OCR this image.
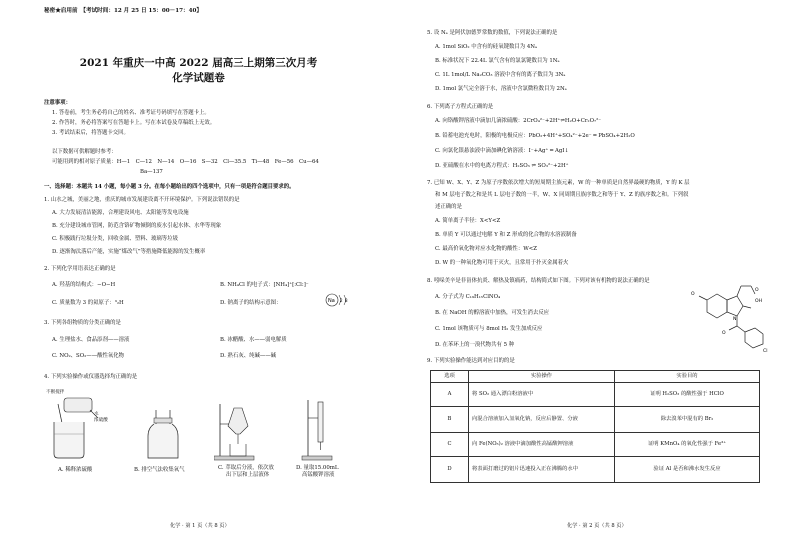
秘密★启用前　 【考试时间：12 月 25 日 15：00－17：40】
2021 年重庆一中高 2022 届高三上期第三次月考
化学试题卷
注意事项：
1. 答卷前，考生务必将自己的姓名、准考证号码填写在答题卡上。
2. 作答时，务必将答案写在答题卡上。写在本试卷及草稿纸上无效。
3. 考试结束后，将答题卡交回。
以下数据可供解题时参考：
可能用到的相对原子质量：H—1　C—12　N—14　O—16　S—32　Cl—35.5　Ti—48　Fe—56　Cu—64
Ba—137
一、选择题：本题共 14 小题，每小题 3 分。在每小题给出的四个选项中，只有一项是符合题目要求的。
1. 山水之城，美丽之地，重庆的城市发展建设离不开环境保护。下列说法错误的是
A. 大力发展清洁能源，合理建设风电、太阳能等发电设施
B. 充分建设城市管网，防范含铬矿物倾倒的废水引起水体、水华等现象
C. 积极践行垃圾分类，回收金属、塑料、玻璃等垃圾
D. 逐渐淘汰落后产能，实施“煤改气”等措施降低能源的发生概率
2. 下列化学用语表达正确的是
A. 羟基的结构式：−O−H	B. NH₄Cl 的电子式：[NH₄]⁺[:Cl:]⁻
C. 质量数为 3 的氦原子：³₂H	D. 钠离子的结构示意图：	Na 2 8
3. 下列各组物质的分类正确的是
A. 生理盐水、食品添剂——溶液	B. 冰醋酸、水——弱电解质
C. NO₂、SO₂——酸性氧化物	D. 熟石灰、纯碱——碱
4. 下列实验操作或仪器选择均正确的是
不断搅拌
水
浓硫酸
A. 稀释浓硫酸	B. 排空气法收集氧气	C. 萃取后分液，依次放
出下层和上层液体
D. 量取15.00mL
高锰酸钾溶液
化学 · 第 1 页（共 8 页）
5. 设 Nₐ 是阿伏加德罗常数的数值，下列说法正确的是
A. 1mol SiO₂ 中含有的硅氧键数目为 4Nₐ
B. 标准状况下 22.4L 氯气含有的氯氯键数目为 1Nₐ
C. 1L 1mol/L Na₂CO₃ 溶液中含有的离子数目为 3Nₐ
D. 1mol 氯气完全溶于水，溶液中含氯微粒数目为 2Nₐ
6. 下列离子方程式正确的是
A. 向铬酸钾溶液中滴加几滴浓硫酸：2CrO₄²⁻+2H⁺⇌H₂O+Cr₂O₇²⁻
B. 铅蓄电池充电时，阳极的电极反应：PbO₂+4H⁺+SO₄²⁻+2e⁻ ═ PbSO₄+2H₂O
C. 向氯化银悬浊液中滴加碘化钠溶液：I⁻+Ag⁺ ═ AgI↓
D. 亚硫酸在水中的电离方程式：H₂SO₃ ⇌ SO₃²⁻+2H⁺
7. 已知 W、X、Y、Z 为原子序数依次增大的短周期主族元素，W 的一种单质是自然界最硬的物质，Y 的 K 层
和 M 层电子数之和是其 L 层电子数的一半，W、X 同周期且族序数之和等于 Y、Z 的族序数之和。下列叙
述正确的是
A. 简单离子半径：X<Y<Z
B. 单质 Y 可以通过电解 Y 和 Z 形成的化合物的水溶液制备
C. 最高价氧化物对应水化物的酸性：W<Z
D. W 的一种氧化物可用于灭火，且常用于扑灭金属着火
8. 吲哚美辛是非甾体抗炎、解热及镇痛药，结构简式如下图。下列对该有机物的说法正确的是
A. 分子式为 C₁₉H₁₅ClNO₄
B. 在 NaOH 的醇溶液中加热，可发生消去反应
C. 1mol 该物质可与 8mol H₂ 发生加成反应
D. 在苯环上的一溴代物共有 5 种
O
O
OH
N
O
Cl
9. 下列实验操作能达到对应目的的是
化学 · 第 2 页（共 8 页）
选项	实验操作	实验目的
A	将 SO₂ 通入漂白粉溶液中	证明 H₂SO₃ 的酸性强于 HClO
B	向混合溶液加入氢氧化钠，反应后静置、分液	除去溴苯中混有的 Br₂
C	向 Fe(NO₃)₂ 溶液中滴加酸性高锰酸钾溶液	证明 KMnO₄ 的氧化性强于 Fe³⁺
D	将表面打磨过的铝片迅速投入正在沸腾的水中	验证 Al 是否和沸水发生反应
